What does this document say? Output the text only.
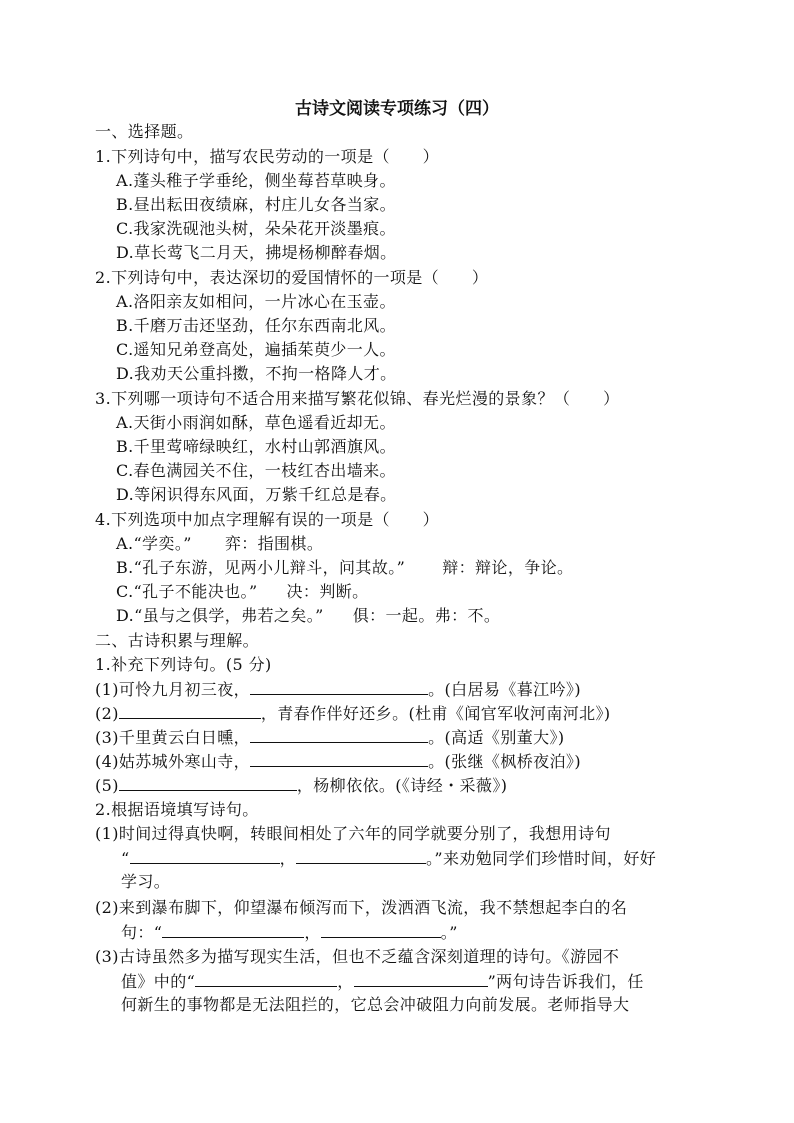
古诗文阅读专项练习（四）
一、选择题。
1.下列诗句中，描写农民劳动的一项是（　　）
A.蓬头稚子学垂纶，侧坐莓苔草映身。
B.昼出耘田夜绩麻，村庄儿女各当家。
C.我家洗砚池头树，朵朵花开淡墨痕。
D.草长莺飞二月天，拂堤杨柳醉春烟。
2.下列诗句中，表达深切的爱国情怀的一项是（　　）
A.洛阳亲友如相问，一片冰心在玉壶。
B.千磨万击还坚劲，任尔东西南北风。
C.遥知兄弟登高处，遍插茱萸少一人。
D.我劝天公重抖擞，不拘一格降人才。
3.下列哪一项诗句不适合用来描写繁花似锦、春光烂漫的景象？（　　）
A.天街小雨润如酥，草色遥看近却无。
B.千里莺啼绿映红，水村山郭酒旗风。
C.春色满园关不住，一枝红杏出墙来。
D.等闲识得东风面，万紫千红总是春。
4.下列选项中加点字理解有误的一项是（　　）
A.“学奕。” 弈：指围棋。
B.“孔子东游，见两小儿辩斗，问其故。” 辩：辩论，争论。
C.“孔子不能决也。” 决：判断。
D.“虽与之俱学，弗若之矣。” 俱：一起。弗：不。
二、古诗积累与理解。
1.补充下列诗句。(5 分)
(1)可怜九月初三夜，	。(白居易《暮江吟》)
(2)	，青春作伴好还乡。(杜甫《闻官军收河南河北》)
(3)千里黄云白日曛，	。(高适《别董大》)
(4)姑苏城外寒山寺，	。(张继《枫桥夜泊》)
(5)	，杨柳依依。(《诗经・采薇》)
2.根据语境填写诗句。
(1)时间过得真快啊，转眼间相处了六年的同学就要分别了，我想用诗句
“	，	。”来劝勉同学们珍惜时间，好好
学习。
(2)来到瀑布脚下，仰望瀑布倾泻而下，泼洒酒飞流，我不禁想起李白的名
句：“	，	。”
(3)古诗虽然多为描写现实生活，但也不乏蕴含深刻道理的诗句。《游园不
值》中的“	，	”两句诗告诉我们，任
何新生的事物都是无法阻拦的，它总会冲破阻力向前发展。老师指导大
